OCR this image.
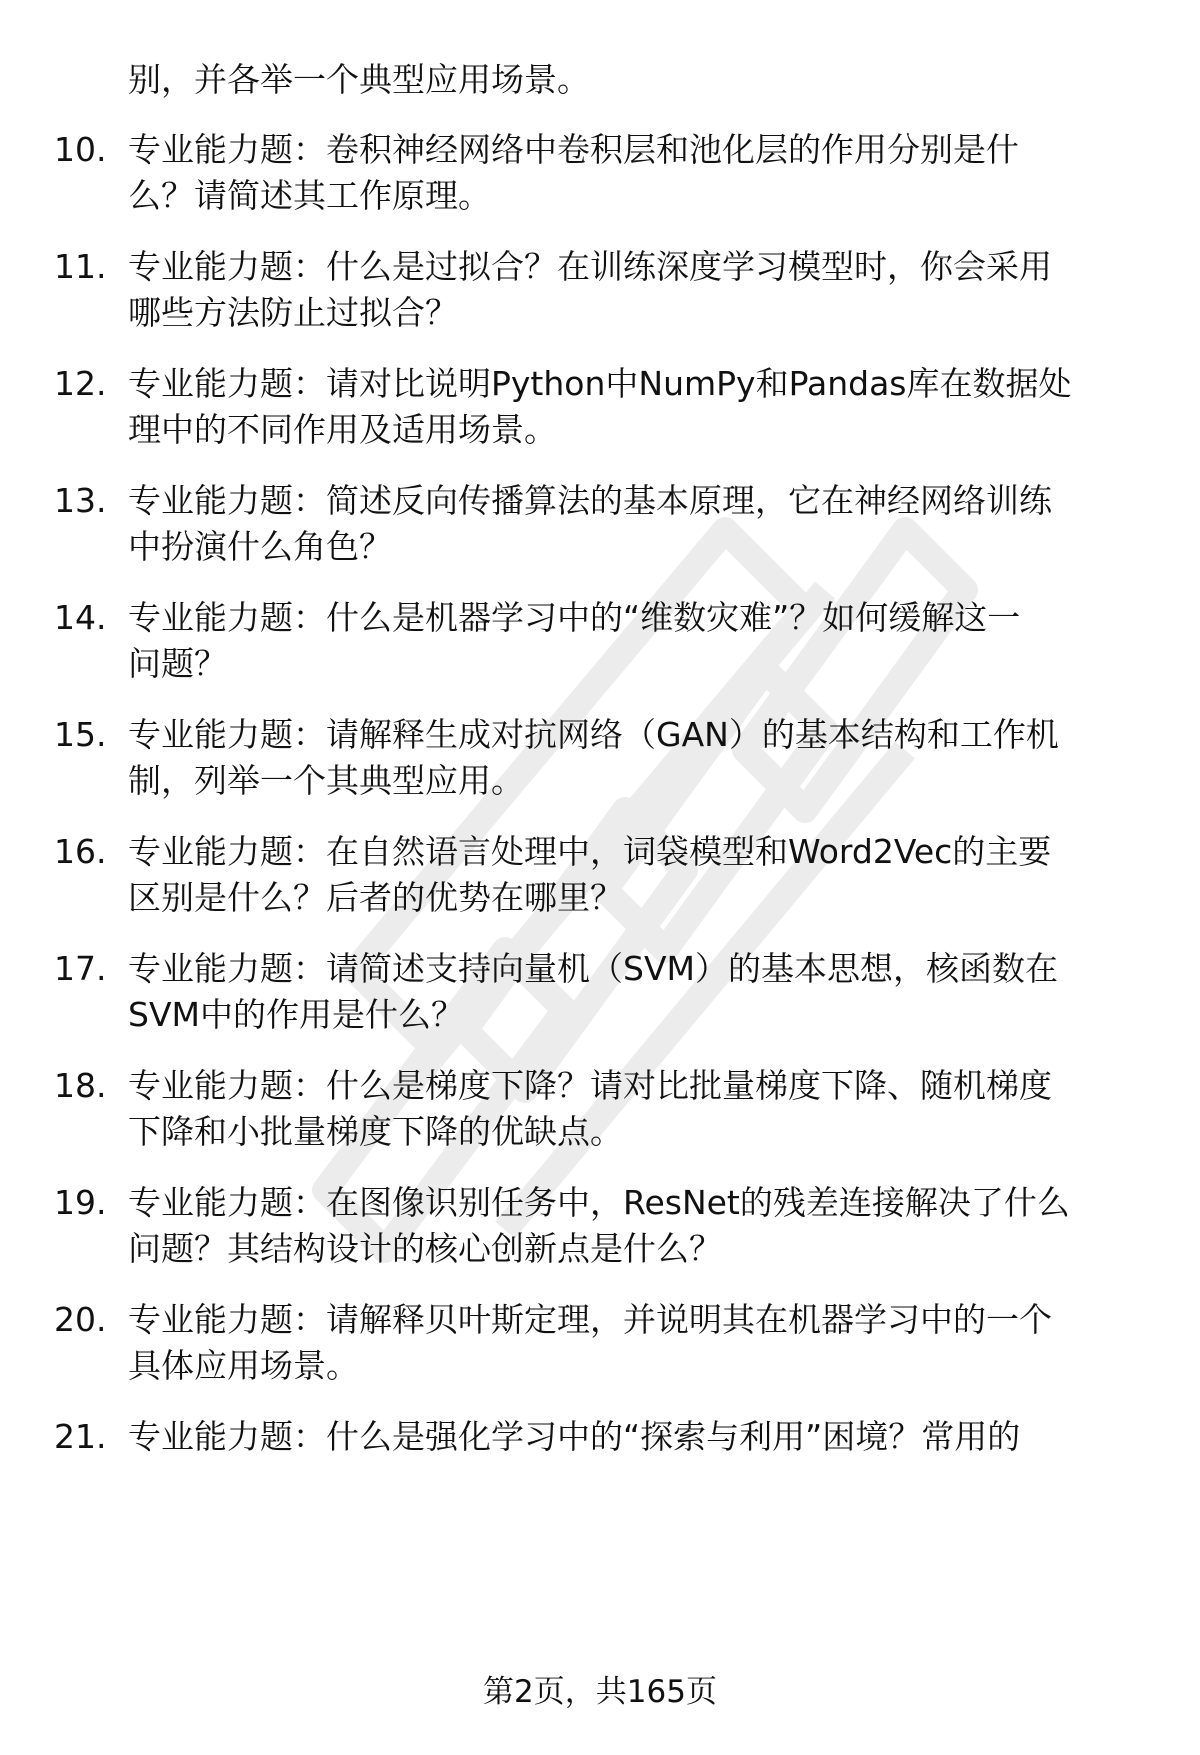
别，并各举一个典型应用场景。
10. 专业能力题：卷积神经网络中卷积层和池化层的作用分别是什
么？请简述其工作原理。
11. 专业能力题：什么是过拟合？在训练深度学习模型时，你会采用
哪些方法防止过拟合？
12. 专业能力题：请对比说明Python中NumPy和Pandas库在数据处
理中的不同作用及适用场景。
13. 专业能力题：简述反向传播算法的基本原理，它在神经网络训练
中扮演什么角色？
14. 专业能力题：什么是机器学习中的“维数灾难”？如何缓解这一
问题？
15. 专业能力题：请解释生成对抗网络（GAN）的基本结构和工作机
制，列举一个其典型应用。
16. 专业能力题：在自然语言处理中，词袋模型和Word2Vec的主要
区别是什么？后者的优势在哪里？
17. 专业能力题：请简述支持向量机（SVM）的基本思想，核函数在
SVM中的作用是什么？
18. 专业能力题：什么是梯度下降？请对比批量梯度下降、随机梯度
下降和小批量梯度下降的优缺点。
19. 专业能力题：在图像识别任务中，ResNet的残差连接解决了什么
问题？其结构设计的核心创新点是什么？
20. 专业能力题：请解释贝叶斯定理，并说明其在机器学习中的一个
具体应用场景。
21. 专业能力题：什么是强化学习中的“探索与利用”困境？常用的
第2页，共165页
